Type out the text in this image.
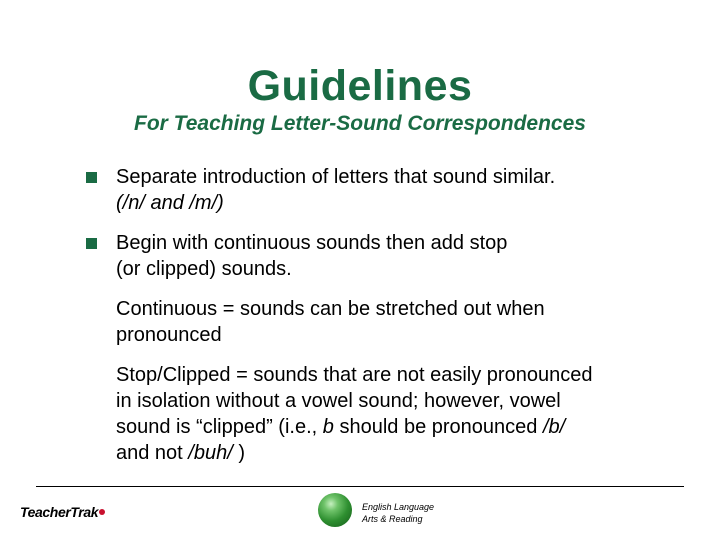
Guidelines
For Teaching Letter-Sound Correspondences
Separate introduction of letters that sound similar.
(/n/ and /m/)
Begin with continuous sounds then add stop
(or clipped) sounds.
Continuous = sounds can be stretched out when
pronounced
Stop/Clipped = sounds that are not easily pronounced
in isolation without a vowel sound; however, vowel
sound is “clipped” (i.e., b should be pronounced /b/
and not /buh/ )
TeacherTrak	English Language
Arts & Reading
